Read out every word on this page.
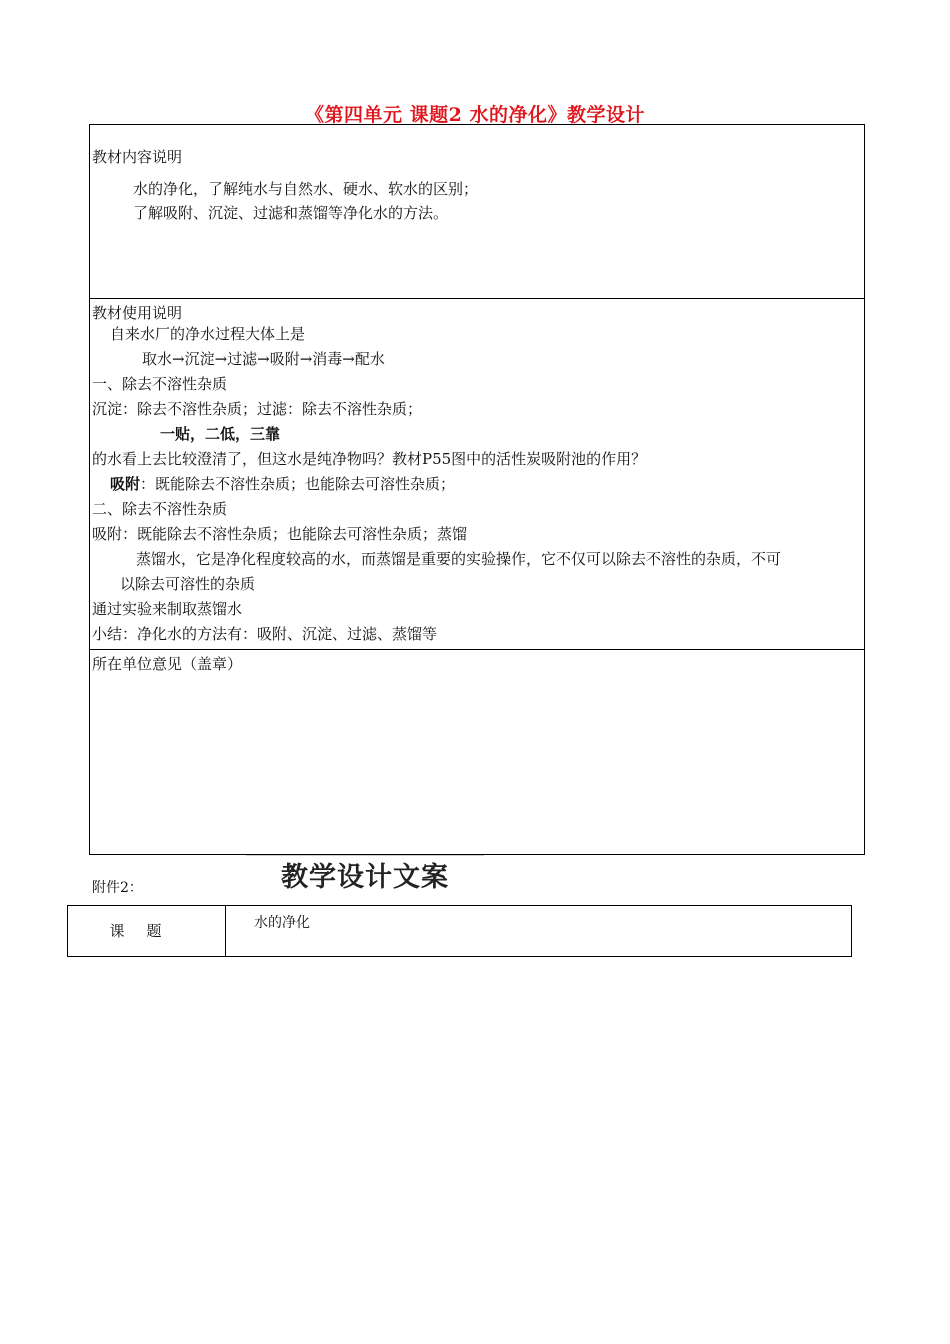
《第四单元 课题2 水的净化》教学设计
教材内容说明
水的净化，了解纯水与自然水、硬水、软水的区别；
了解吸附、沉淀、过滤和蒸馏等净化水的方法。
教材使用说明
自来水厂的净水过程大体上是
取水→沉淀→过滤→吸附→消毒→配水
一、除去不溶性杂质
沉淀：除去不溶性杂质；过滤：除去不溶性杂质；
一贴，二低，三靠
的水看上去比较澄清了，但这水是纯净物吗？教材P55图中的活性炭吸附池的作用？
吸附：既能除去不溶性杂质；也能除去可溶性杂质；
二、除去不溶性杂质
吸附：既能除去不溶性杂质；也能除去可溶性杂质；蒸馏
蒸馏水，它是净化程度较高的水，而蒸馏是重要的实验操作，它不仅可以除去不溶性的杂质，不可
以除去可溶性的杂质
通过实验来制取蒸馏水
小结：净化水的方法有：吸附、沉淀、过滤、蒸馏等
所在单位意见（盖章）
教学设计文案
附件2：
课题	水的净化
